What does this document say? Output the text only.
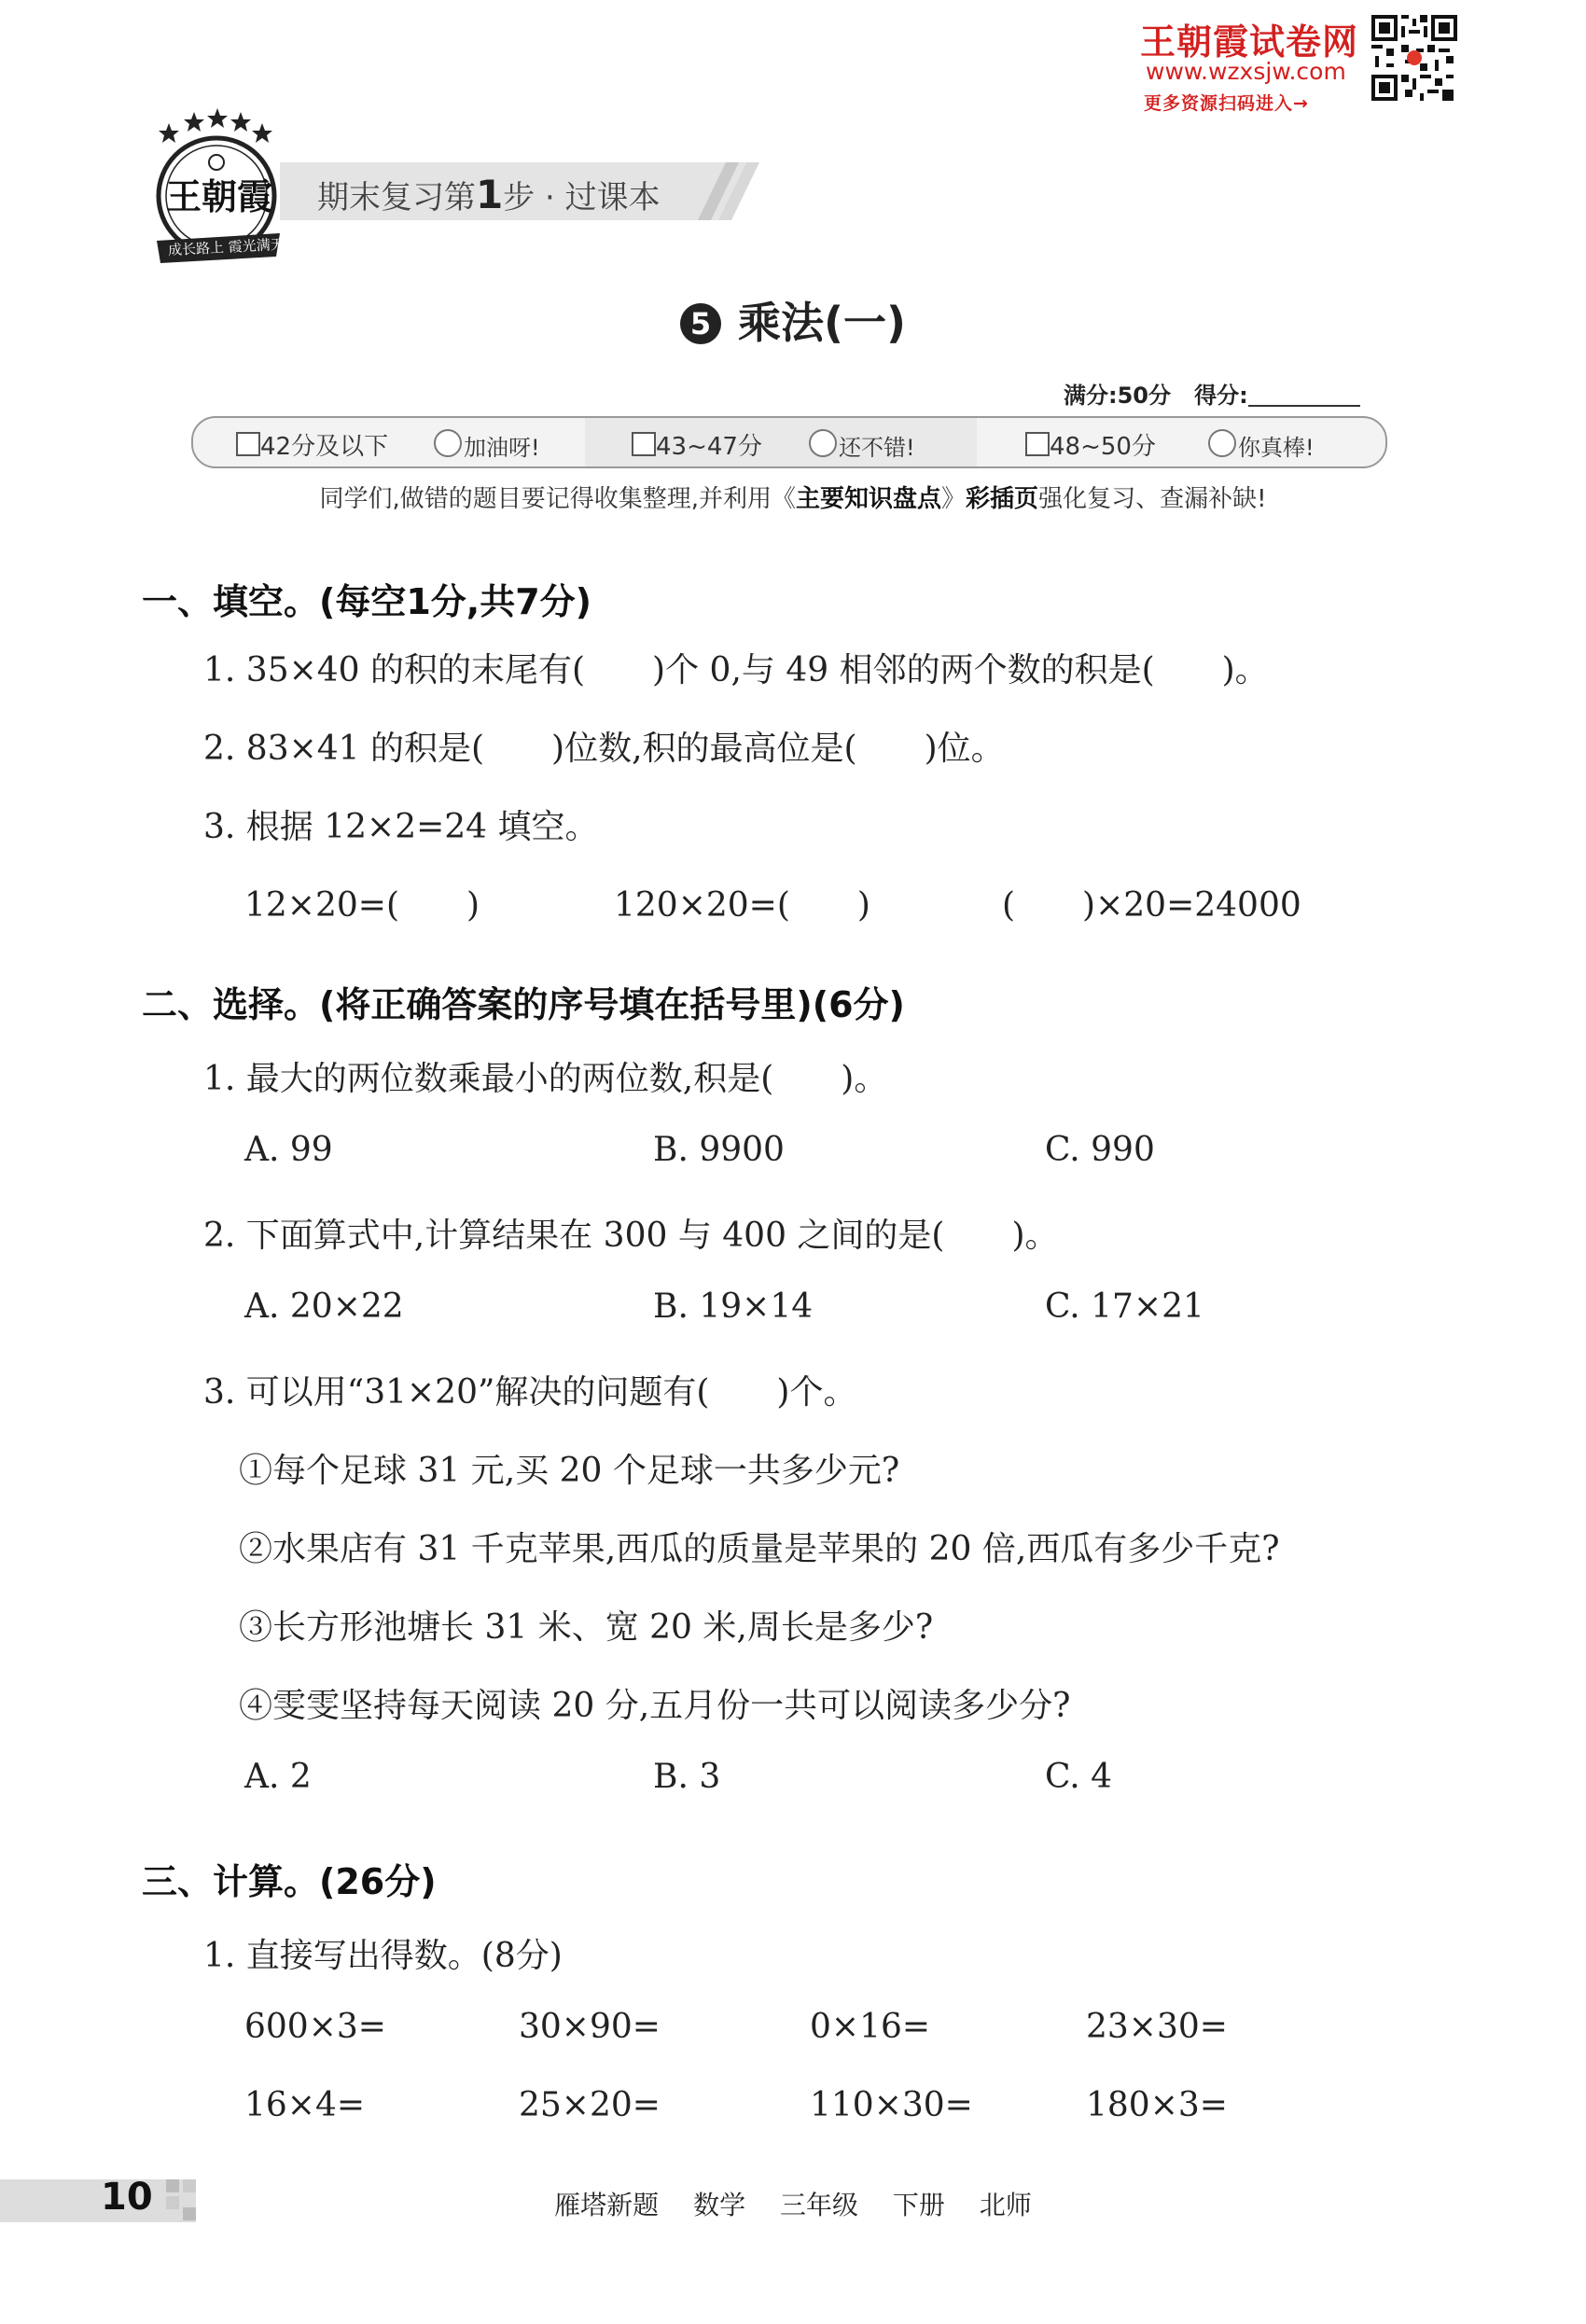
王朝霞试卷网
www.wzxsjw.com
更多资源扫码进入→
王朝霞
成长路上 霞光满天
期末复习第1步 · 过课本
5 乘法(一)
满分:50分 得分:
42分及以下	加油呀!	43~47分	还不错!	48~50分	你真棒!
同学们,做错的题目要记得收集整理,并利用《主要知识盘点》彩插页强化复习、查漏补缺!
一、填空。(每空1分,共7分)
1. 35×40 的积的末尾有(　　)个 0,与 49 相邻的两个数的积是(　　)。
2. 83×41 的积是(　　)位数,积的最高位是(　　)位。
3. 根据 12×2=24 填空。
12×20=(　　)	120×20=(　　)	(　　)×20=24000
二、选择。(将正确答案的序号填在括号里)(6分)
1. 最大的两位数乘最小的两位数,积是(　　)。
A. 99	B. 9900	C. 990
2. 下面算式中,计算结果在 300 与 400 之间的是(　　)。
A. 20×22	B. 19×14	C. 17×21
3. 可以用“31×20”解决的问题有(　　)个。
①每个足球 31 元,买 20 个足球一共多少元?
②水果店有 31 千克苹果,西瓜的质量是苹果的 20 倍,西瓜有多少千克?
③长方形池塘长 31 米、宽 20 米,周长是多少?
④雯雯坚持每天阅读 20 分,五月份一共可以阅读多少分?
A. 2	B. 3	C. 4
三、计算。(26分)
1. 直接写出得数。(8分)
600×3=	30×90=	0×16=	23×30=
16×4=	25×20=	110×30=	180×3=
10	雁塔新题 数学 三年级 下册 北师
